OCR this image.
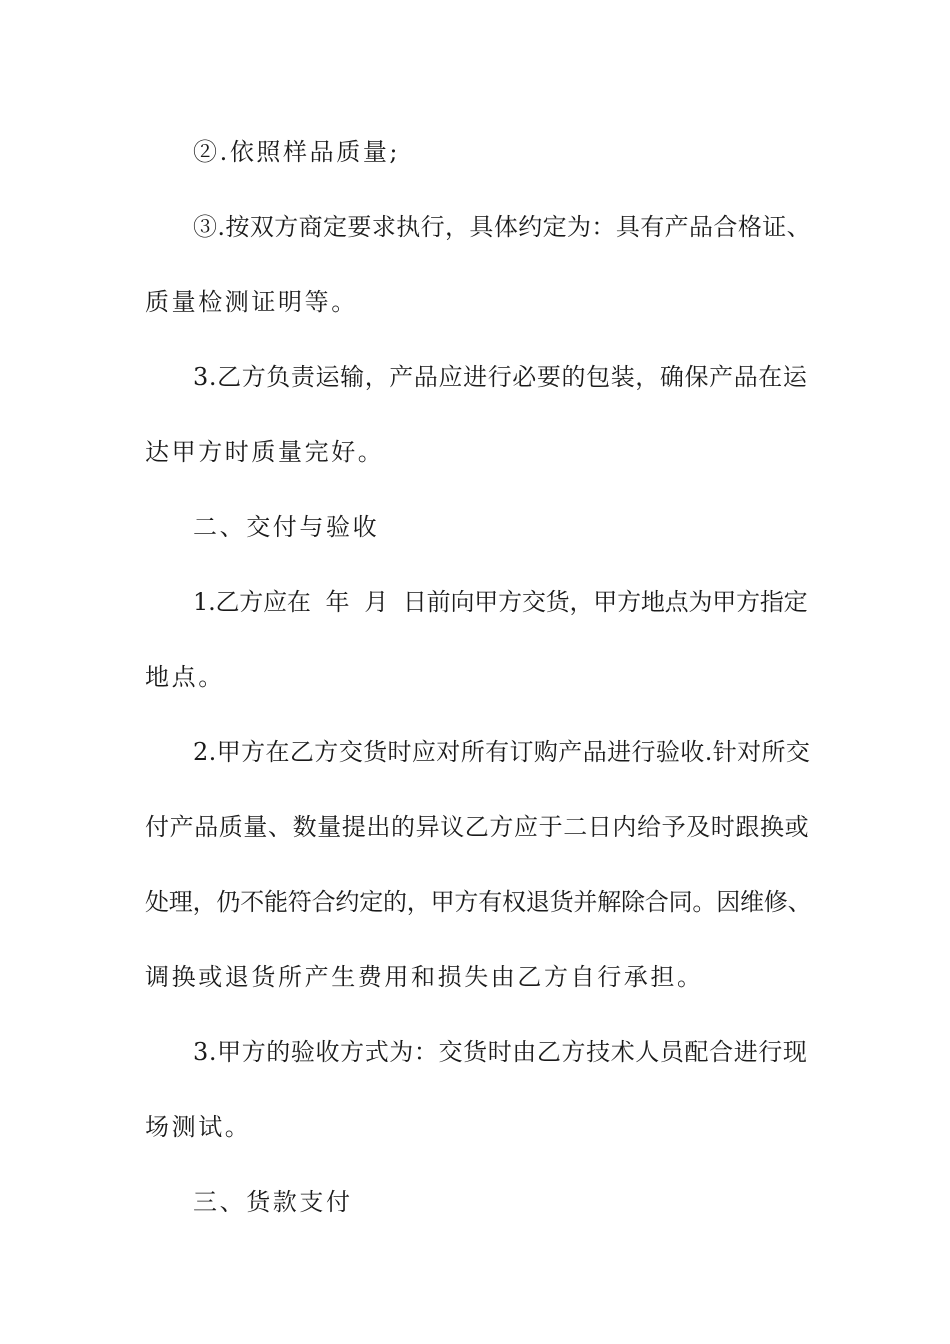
②.依照样品质量;
③.按双方商定要求执行，具体约定为：具有产品合格证、
质量检测证明等。
3.乙方负责运输，产品应进行必要的包装，确保产品在运
达甲方时质量完好。
二、交付与验收
1.乙方应在  年  月  日前向甲方交货，甲方地点为甲方指定
地点。
2.甲方在乙方交货时应对所有订购产品进行验收.针对所交
付产品质量、数量提出的异议乙方应于二日内给予及时跟换或
处理，仍不能符合约定的，甲方有权退货并解除合同。因维修、
调换或退货所产生费用和损失由乙方自行承担。
3.甲方的验收方式为：交货时由乙方技术人员配合进行现
场测试。
三、货款支付
